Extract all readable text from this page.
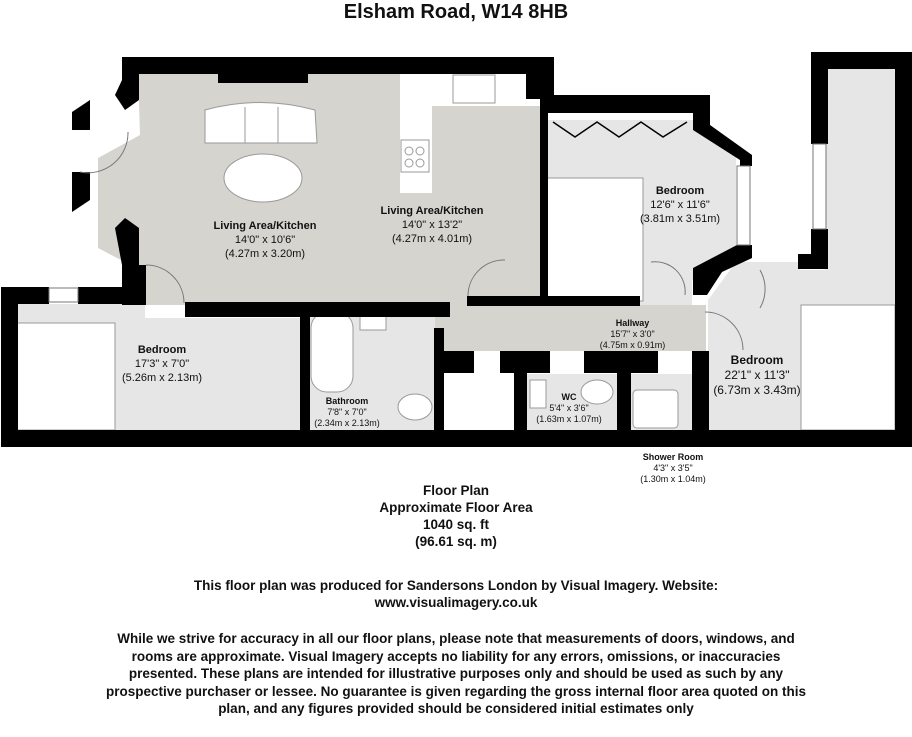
Elsham Road, W14 8HB
Living Area/Kitchen
14'0" x 10'6"
(4.27m x 3.20m)
Living Area/Kitchen
14'0" x 13'2"
(4.27m x 4.01m)
Bedroom
12'6" x 11'6"
(3.81m x 3.51m)
Bedroom
17'3" x 7'0"
(5.26m x 2.13m)
Bedroom
22'1" x 11'3"
(6.73m x 3.43m)
Hallway
15'7" x 3'0"
(4.75m x 0.91m)
Bathroom
7'8" x 7'0"
(2.34m x 2.13m)
WC
5'4" x 3'6"
(1.63m x 1.07m)
Shower Room
4'3" x 3'5"
(1.30m x 1.04m)
Floor Plan
Approximate Floor Area
1040 sq. ft
(96.61 sq. m)
This floor plan was produced for Sandersons London by Visual Imagery. Website:
www.visualimagery.co.uk
While we strive for accuracy in all our floor plans, please note that measurements of doors, windows, and rooms are approximate. Visual Imagery accepts no liability for any errors, omissions, or inaccuracies presented. These plans are intended for illustrative purposes only and should be used as such by any prospective purchaser or lessee. No guarantee is given regarding the gross internal floor area quoted on this plan, and any figures provided should be considered initial estimates only
